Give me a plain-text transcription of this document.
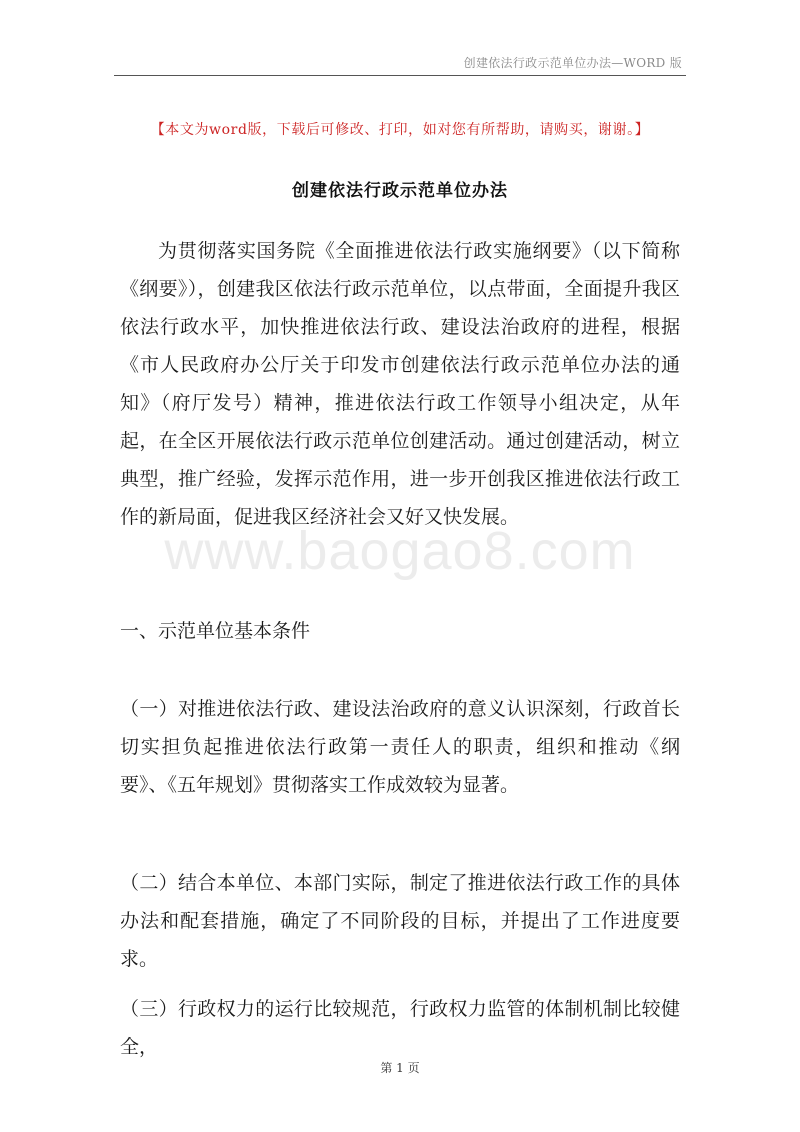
创建依法行政示范单位办法—WORD 版
【本文为word版，下载后可修改、打印，如对您有所帮助，请购买，谢谢。】
创建依法行政示范单位办法
为贯彻落实国务院《全面推进依法行政实施纲要》（以下简称《纲要》），创建我区依法行政示范单位，以点带面，全面提升我区依法行政水平，加快推进依法行政、建设法治政府的进程，根据《市人民政府办公厅关于印发市创建依法行政示范单位办法的通知》（府厅发号）精神，推进依法行政工作领导小组决定，从年起，在全区开展依法行政示范单位创建活动。通过创建活动，树立典型，推广经验，发挥示范作用，进一步开创我区推进依法行政工作的新局面，促进我区经济社会又好又快发展。
www.baogao8.com
一、示范单位基本条件
（一）对推进依法行政、建设法治政府的意义认识深刻，行政首长切实担负起推进依法行政第一责任人的职责，组织和推动《纲要》、《五年规划》贯彻落实工作成效较为显著。
（二）结合本单位、本部门实际，制定了推进依法行政工作的具体办法和配套措施，确定了不同阶段的目标，并提出了工作进度要求。
（三）行政权力的运行比较规范，行政权力监管的体制机制比较健全，
第 1 页
